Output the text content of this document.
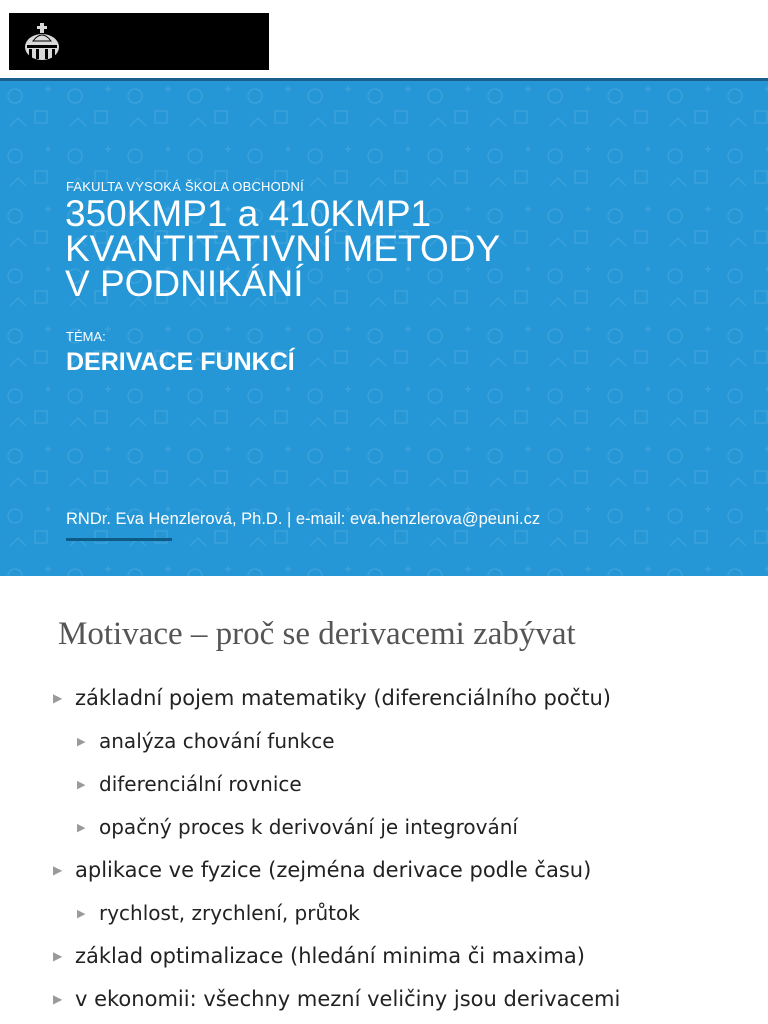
FAKULTA VYSOKÁ ŠKOLA OBCHODNÍ
350KMP1 a 410KMP1
KVANTITATIVNÍ METODY
V PODNIKÁNÍ
TÉMA:
DERIVACE FUNKCÍ
RNDr. Eva Henzlerová, Ph.D. | e-mail: eva.henzlerova@peuni.cz
Motivace – proč se derivacemi zabývat
▶ základní pojem matematiky (diferenciálního počtu)
▶ analýza chování funkce
▶ diferenciální rovnice
▶ opačný proces k derivování je integrování
▶ aplikace ve fyzice (zejména derivace podle času)
▶ rychlost, zrychlení, průtok
▶ základ optimalizace (hledání minima či maxima)
▶ v ekonomii: všechny mezní veličiny jsou derivacemi
